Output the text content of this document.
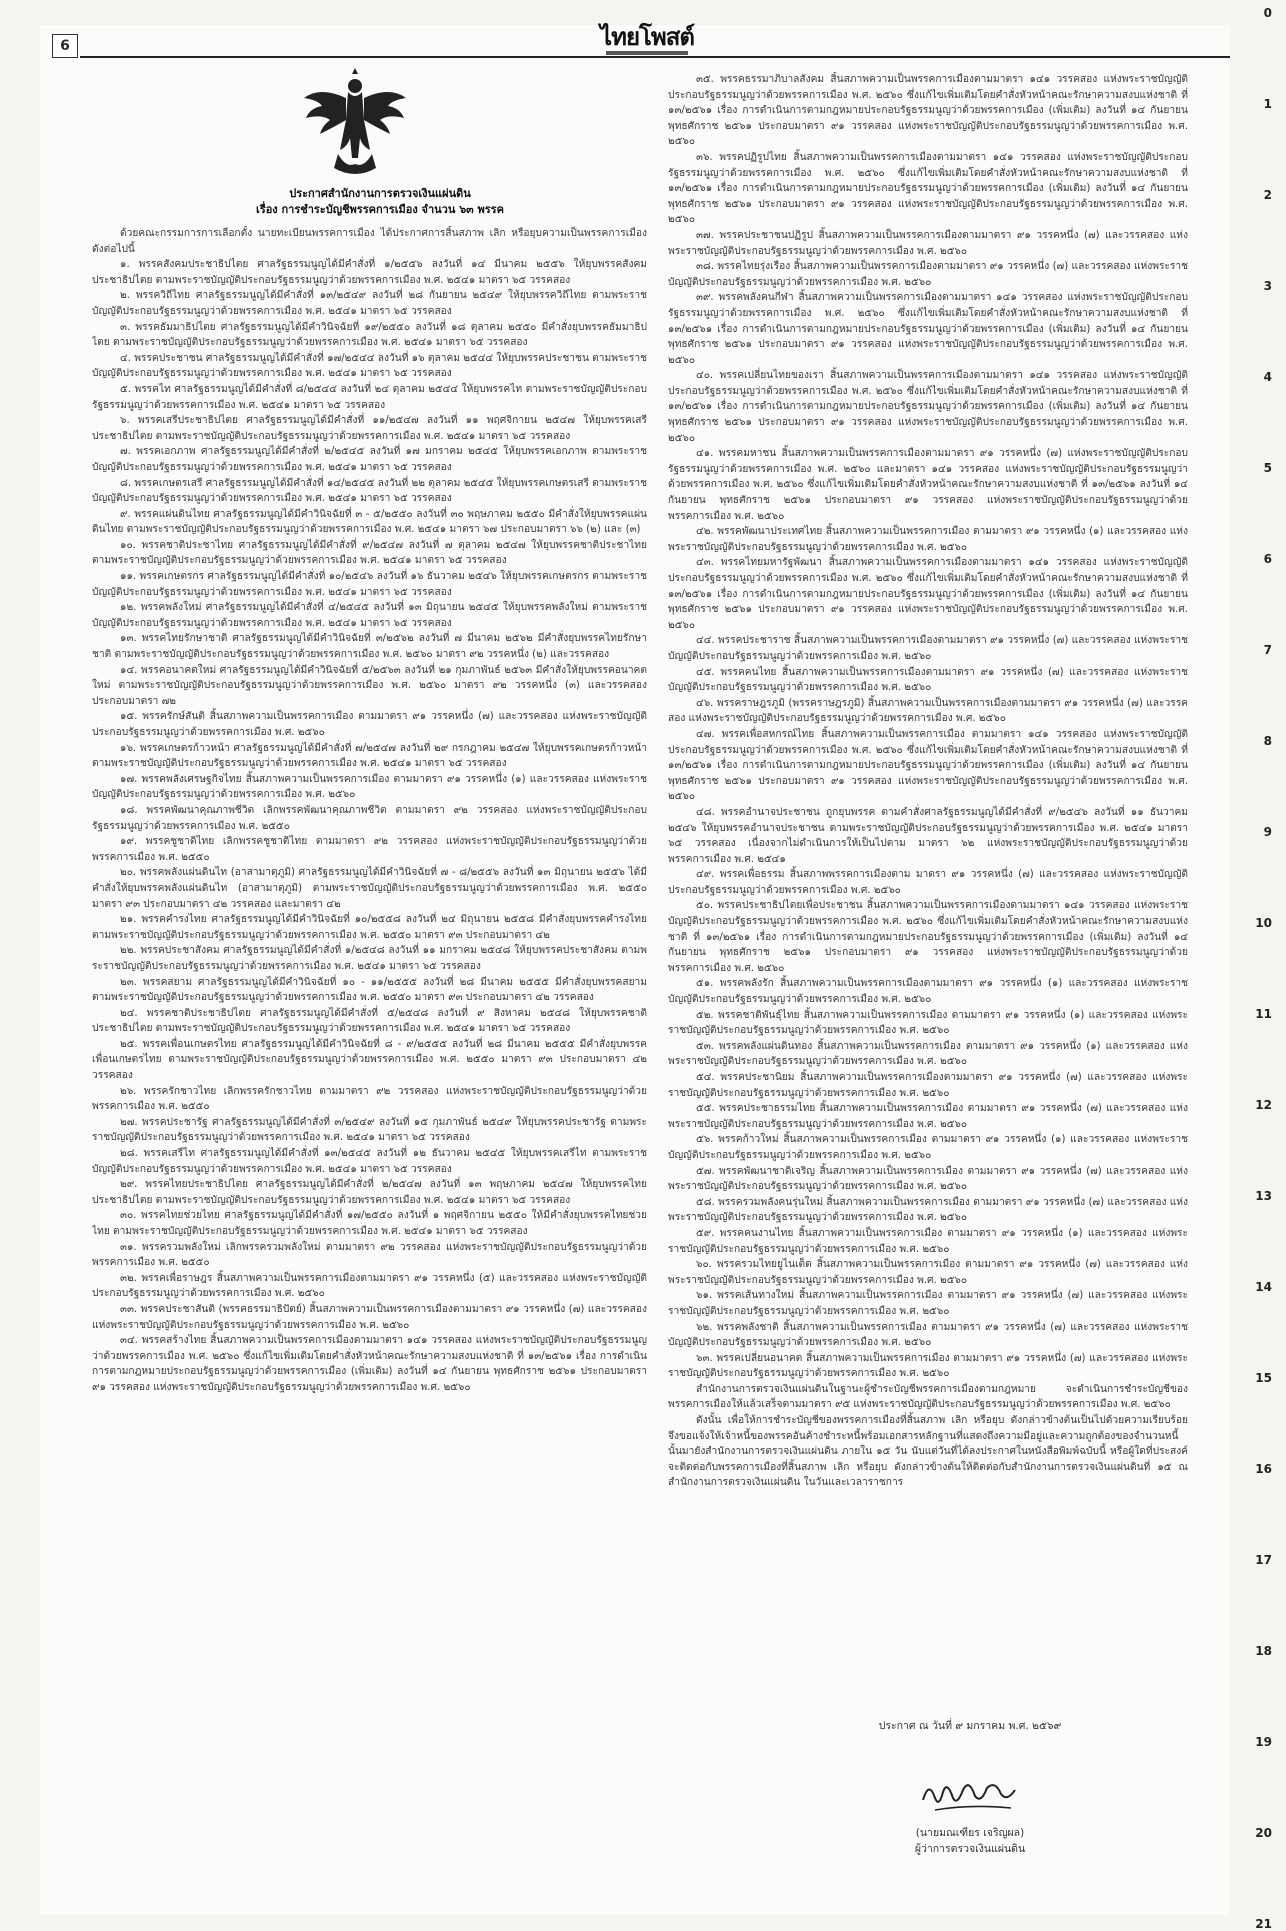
6	ไทยโพสต์
0
1
2
3
4
5
6
7
8
9
10
11
12
13
14
15
16
17
18
19
20
21
ประกาศสำนักงานการตรวจเงินแผ่นดิน
เรื่อง การชำระบัญชีพรรคการเมือง จำนวน ๖๓ พรรค

ด้วยคณะกรรมการการเลือกตั้ง นายทะเบียนพรรคการเมือง ได้ประกาศการสิ้นสภาพ เลิก หรือยุบความเป็นพรรคการเมืองดังต่อไปนี้

๑. พรรคสังคมประชาธิปไตย ศาลรัฐธรรมนูญได้มีคำสั่งที่ ๑/๒๕๕๖ ลงวันที่ ๑๔ มีนาคม ๒๕๕๖ ให้ยุบพรรคสังคมประชาธิปไตย ตามพระราชบัญญัติประกอบรัฐธรรมนูญว่าด้วยพรรคการเมือง พ.ศ. ๒๕๔๑ มาตรา ๖๕ วรรคสอง

๒. พรรควิถีไทย ศาลรัฐธรรมนูญได้มีคำสั่งที่ ๑๓/๒๕๔๙ ลงวันที่ ๒๘ กันยายน ๒๕๔๙ ให้ยุบพรรควิถีไทย ตามพระราชบัญญัติประกอบรัฐธรรมนูญว่าด้วยพรรคการเมือง พ.ศ. ๒๕๔๑ มาตรา ๖๕ วรรคสอง

๓. พรรคธัมมาธิปไตย ศาลรัฐธรรมนูญได้มีคำวินิจฉัยที่ ๑๙/๒๕๕๐ ลงวันที่ ๑๘ ตุลาคม ๒๕๕๐ มีคำสั่งยุบพรรคธัมมาธิปไตย ตามพระราชบัญญัติประกอบรัฐธรรมนูญว่าด้วยพรรคการเมือง พ.ศ. ๒๕๔๑ มาตรา ๖๕ วรรคสอง

๔. พรรคประชาชน ศาลรัฐธรรมนูญได้มีคำสั่งที่ ๑๗/๒๕๔๔ ลงวันที่ ๑๖ ตุลาคม ๒๕๔๔ ให้ยุบพรรคประชาชน ตามพระราชบัญญัติประกอบรัฐธรรมนูญว่าด้วยพรรคการเมือง พ.ศ. ๒๕๔๑ มาตรา ๖๕ วรรคสอง

๕. พรรคไท ศาลรัฐธรรมนูญได้มีคำสั่งที่ ๘/๒๕๔๔ ลงวันที่ ๒๔ ตุลาคม ๒๕๔๔ ให้ยุบพรรคไท ตามพระราชบัญญัติประกอบรัฐธรรมนูญว่าด้วยพรรคการเมือง พ.ศ. ๒๕๔๑ มาตรา ๖๕ วรรคสอง

๖. พรรคเสรีประชาธิปไตย ศาลรัฐธรรมนูญได้มีคำสั่งที่ ๑๑/๒๕๔๗ ลงวันที่ ๑๑ พฤศจิกายน ๒๕๔๗ ให้ยุบพรรคเสรีประชาธิปไตย ตามพระราชบัญญัติประกอบรัฐธรรมนูญว่าด้วยพรรคการเมือง พ.ศ. ๒๕๔๑ มาตรา ๖๕ วรรคสอง

๗. พรรคเอกภาพ ศาลรัฐธรรมนูญได้มีคำสั่งที่ ๒/๒๕๔๕ ลงวันที่ ๑๗ มกราคม ๒๕๔๕ ให้ยุบพรรคเอกภาพ ตามพระราชบัญญัติประกอบรัฐธรรมนูญว่าด้วยพรรคการเมือง พ.ศ. ๒๕๔๑ มาตรา ๖๕ วรรคสอง

๘. พรรคเกษตรเสรี ศาลรัฐธรรมนูญได้มีคำสั่งที่ ๑๔/๒๕๔๕ ลงวันที่ ๒๒ ตุลาคม ๒๕๔๕ ให้ยุบพรรคเกษตรเสรี ตามพระราชบัญญัติประกอบรัฐธรรมนูญว่าด้วยพรรคการเมือง พ.ศ. ๒๕๔๑ มาตรา ๖๕ วรรคสอง

๙. พรรคแผ่นดินไทย ศาลรัฐธรรมนูญได้มีคำวินิจฉัยที่ ๓ - ๕/๒๕๕๐ ลงวันที่ ๓๐ พฤษภาคม ๒๕๕๐ มีคำสั่งให้ยุบพรรคแผ่นดินไทย ตามพระราชบัญญัติประกอบรัฐธรรมนูญว่าด้วยพรรคการเมือง พ.ศ. ๒๕๔๑ มาตรา ๖๗ ประกอบมาตรา ๖๖ (๒) และ (๓)

๑๐. พรรคชาติประชาไทย ศาลรัฐธรรมนูญได้มีคำสั่งที่ ๙/๒๕๔๗ ลงวันที่ ๗ ตุลาคม ๒๕๔๗ ให้ยุบพรรคชาติประชาไทย ตามพระราชบัญญัติประกอบรัฐธรรมนูญว่าด้วยพรรคการเมือง พ.ศ. ๒๕๔๑ มาตรา ๖๕ วรรคสอง

๑๑. พรรคเกษตรกร ศาลรัฐธรรมนูญได้มีคำสั่งที่ ๑๐/๒๕๔๖ ลงวันที่ ๑๖ ธันวาคม ๒๕๔๖ ให้ยุบพรรคเกษตรกร ตามพระราชบัญญัติประกอบรัฐธรรมนูญว่าด้วยพรรคการเมือง พ.ศ. ๒๕๔๑ มาตรา ๖๕ วรรคสอง

๑๒. พรรคพลังใหม่ ศาลรัฐธรรมนูญได้มีคำสั่งที่ ๔/๒๕๔๕ ลงวันที่ ๑๓ มิถุนายน ๒๕๔๕ ให้ยุบพรรคพลังใหม่ ตามพระราชบัญญัติประกอบรัฐธรรมนูญว่าด้วยพรรคการเมือง พ.ศ. ๒๕๔๑ มาตรา ๖๕ วรรคสอง

๑๓. พรรคไทยรักษาชาติ ศาลรัฐธรรมนูญได้มีคำวินิจฉัยที่ ๓/๒๕๖๒ ลงวันที่ ๗ มีนาคม ๒๕๖๒ มีคำสั่งยุบพรรคไทยรักษาชาติ ตามพระราชบัญญัติประกอบรัฐธรรมนูญว่าด้วยพรรคการเมือง พ.ศ. ๒๕๖๐ มาตรา ๙๒ วรรคหนึ่ง (๒) และวรรคสอง

๑๔. พรรคอนาคตใหม่ ศาลรัฐธรรมนูญได้มีคำวินิจฉัยที่ ๕/๒๕๖๓ ลงวันที่ ๒๑ กุมภาพันธ์ ๒๕๖๓ มีคำสั่งให้ยุบพรรคอนาคตใหม่ ตามพระราชบัญญัติประกอบรัฐธรรมนูญว่าด้วยพรรคการเมือง พ.ศ. ๒๕๖๐ มาตรา ๙๒ วรรคหนึ่ง (๓) และวรรคสอง ประกอบมาตรา ๗๒

๑๕. พรรครักษ์สันติ สิ้นสภาพความเป็นพรรคการเมือง ตามมาตรา ๙๑ วรรคหนึ่ง (๗) และวรรคสอง แห่งพระราชบัญญัติประกอบรัฐธรรมนูญว่าด้วยพรรคการเมือง พ.ศ. ๒๕๖๐

๑๖. พรรคเกษตรก้าวหน้า ศาลรัฐธรรมนูญได้มีคำสั่งที่ ๗/๒๕๔๗ ลงวันที่ ๒๙ กรกฎาคม ๒๕๔๗ ให้ยุบพรรคเกษตรก้าวหน้า ตามพระราชบัญญัติประกอบรัฐธรรมนูญว่าด้วยพรรคการเมือง พ.ศ. ๒๕๔๑ มาตรา ๖๕ วรรคสอง

๑๗. พรรคพลังเศรษฐกิจไทย สิ้นสภาพความเป็นพรรคการเมือง ตามมาตรา ๙๑ วรรคหนึ่ง (๑) และวรรคสอง แห่งพระราชบัญญัติประกอบรัฐธรรมนูญว่าด้วยพรรคการเมือง พ.ศ. ๒๕๖๐

๑๘. พรรคพัฒนาคุณภาพชีวิต เลิกพรรคพัฒนาคุณภาพชีวิต ตามมาตรา ๙๒ วรรคสอง แห่งพระราชบัญญัติประกอบรัฐธรรมนูญว่าด้วยพรรคการเมือง พ.ศ. ๒๕๕๐

๑๙. พรรคชูชาติไทย เลิกพรรคชูชาติไทย ตามมาตรา ๙๒ วรรคสอง แห่งพระราชบัญญัติประกอบรัฐธรรมนูญว่าด้วยพรรคการเมือง พ.ศ. ๒๕๕๐

๒๐. พรรคพลังแผ่นดินไท (อาสามาตุภูมิ) ศาลรัฐธรรมนูญได้มีคำวินิจฉัยที่ ๗ - ๘/๒๕๕๖ ลงวันที่ ๑๓ มิถุนายน ๒๕๕๖ ได้มีคำสั่งให้ยุบพรรคพลังแผ่นดินไท (อาสามาตุภูมิ) ตามพระราชบัญญัติประกอบรัฐธรรมนูญว่าด้วยพรรคการเมือง พ.ศ. ๒๕๕๐ มาตรา ๙๓ ประกอบมาตรา ๔๒ วรรคสอง และมาตรา ๔๒

๒๑. พรรคคำรงไทย ศาลรัฐธรรมนูญได้มีคำวินิจฉัยที่ ๑๐/๒๕๕๘ ลงวันที่ ๒๔ มิถุนายน ๒๕๕๘ มีคำสั่งยุบพรรคคำรงไทย ตามพระราชบัญญัติประกอบรัฐธรรมนูญว่าด้วยพรรคการเมือง พ.ศ. ๒๕๕๐ มาตรา ๙๓ ประกอบมาตรา ๔๒

๒๒. พรรคประชาสังคม ศาลรัฐธรรมนูญได้มีคำสั่งที่ ๑/๒๕๔๘ ลงวันที่ ๑๑ มกราคม ๒๕๔๘ ให้ยุบพรรคประชาสังคม ตามพระราชบัญญัติประกอบรัฐธรรมนูญว่าด้วยพรรคการเมือง พ.ศ. ๒๕๔๑ มาตรา ๖๕ วรรคสอง

๒๓. พรรคสยาม ศาลรัฐธรรมนูญได้มีคำวินิจฉัยที่ ๑๐ - ๑๑/๒๕๕๕ ลงวันที่ ๒๘ มีนาคม ๒๕๕๕ มีคำสั่งยุบพรรคสยาม ตามพระราชบัญญัติประกอบรัฐธรรมนูญว่าด้วยพรรคการเมือง พ.ศ. ๒๕๕๐ มาตรา ๙๓ ประกอบมาตรา ๔๒ วรรคสอง

๒๔. พรรคชาติประชาธิปไตย ศาลรัฐธรรมนูญได้มีคำสั่งที่ ๕/๒๕๔๘ ลงวันที่ ๙ สิงหาคม ๒๕๔๘ ให้ยุบพรรคชาติประชาธิปไตย ตามพระราชบัญญัติประกอบรัฐธรรมนูญว่าด้วยพรรคการเมือง พ.ศ. ๒๕๔๑ มาตรา ๖๕ วรรคสอง

๒๕. พรรคเพื่อนเกษตรไทย ศาลรัฐธรรมนูญได้มีคำวินิจฉัยที่ ๘ - ๙/๒๕๕๕ ลงวันที่ ๒๘ มีนาคม ๒๕๕๕ มีคำสั่งยุบพรรคเพื่อนเกษตรไทย ตามพระราชบัญญัติประกอบรัฐธรรมนูญว่าด้วยพรรคการเมือง พ.ศ. ๒๕๕๐ มาตรา ๙๓ ประกอบมาตรา ๔๒ วรรคสอง

๒๖. พรรครักชาวไทย เลิกพรรครักชาวไทย ตามมาตรา ๙๒ วรรคสอง แห่งพระราชบัญญัติประกอบรัฐธรรมนูญว่าด้วยพรรคการเมือง พ.ศ. ๒๕๕๐

๒๗. พรรคประชารัฐ ศาลรัฐธรรมนูญได้มีคำสั่งที่ ๓/๒๕๔๙ ลงวันที่ ๑๕ กุมภาพันธ์ ๒๕๔๙ ให้ยุบพรรคประชารัฐ ตามพระราชบัญญัติประกอบรัฐธรรมนูญว่าด้วยพรรคการเมือง พ.ศ. ๒๕๔๑ มาตรา ๖๕ วรรคสอง

๒๘. พรรคเสรีไท ศาลรัฐธรรมนูญได้มีคำสั่งที่ ๑๓/๒๕๔๕ ลงวันที่ ๑๒ ธันวาคม ๒๕๔๕ ให้ยุบพรรคเสรีไท ตามพระราชบัญญัติประกอบรัฐธรรมนูญว่าด้วยพรรคการเมือง พ.ศ. ๒๕๔๑ มาตรา ๖๕ วรรคสอง

๒๙. พรรคไทยประชาธิปไตย ศาลรัฐธรรมนูญได้มีคำสั่งที่ ๒/๒๕๔๗ ลงวันที่ ๑๓ พฤษภาคม ๒๕๔๗ ให้ยุบพรรคไทยประชาธิปไตย ตามพระราชบัญญัติประกอบรัฐธรรมนูญว่าด้วยพรรคการเมือง พ.ศ. ๒๕๔๑ มาตรา ๖๕ วรรคสอง

๓๐. พรรคไทยช่วยไทย ศาลรัฐธรรมนูญได้มีคำสั่งที่ ๑๗/๒๕๕๐ ลงวันที่ ๑ พฤศจิกายน ๒๕๕๐ ให้มีคำสั่งยุบพรรคไทยช่วยไทย ตามพระราชบัญญัติประกอบรัฐธรรมนูญว่าด้วยพรรคการเมือง พ.ศ. ๒๕๔๑ มาตรา ๖๕ วรรคสอง

๓๑. พรรครวมพลังใหม่ เลิกพรรครวมพลังใหม่ ตามมาตรา ๙๒ วรรคสอง แห่งพระราชบัญญัติประกอบรัฐธรรมนูญว่าด้วยพรรคการเมือง พ.ศ. ๒๕๕๐

๓๒. พรรคเพื่อราษฎร สิ้นสภาพความเป็นพรรคการเมืองตามมาตรา ๙๑ วรรคหนึ่ง (๕) และวรรคสอง แห่งพระราชบัญญัติประกอบรัฐธรรมนูญว่าด้วยพรรคการเมือง พ.ศ. ๒๕๖๐

๓๓. พรรคประชาสันติ (พรรคธรรมาธิปัตย์) สิ้นสภาพความเป็นพรรคการเมืองตามมาตรา ๙๑ วรรคหนึ่ง (๗) และวรรคสอง แห่งพระราชบัญญัติประกอบรัฐธรรมนูญว่าด้วยพรรคการเมือง พ.ศ. ๒๕๖๐

๓๔. พรรคสร้างไทย สิ้นสภาพความเป็นพรรคการเมืองตามมาตรา ๑๔๑ วรรคสอง แห่งพระราชบัญญัติประกอบรัฐธรรมนูญว่าด้วยพรรคการเมือง พ.ศ. ๒๕๖๐ ซึ่งแก้ไขเพิ่มเติมโดยคำสั่งหัวหน้าคณะรักษาความสงบแห่งชาติ ที่ ๑๓/๒๕๖๑ เรื่อง การดำเนินการตามกฎหมายประกอบรัฐธรรมนูญว่าด้วยพรรคการเมือง (เพิ่มเติม) ลงวันที่ ๑๔ กันยายน พุทธศักราช ๒๕๖๑ ประกอบมาตรา ๙๑ วรรคสอง แห่งพระราชบัญญัติประกอบรัฐธรรมนูญว่าด้วยพรรคการเมือง พ.ศ. ๒๕๖๐

๓๕. พรรคธรรมาภิบาลสังคม สิ้นสภาพความเป็นพรรคการเมืองตามมาตรา ๑๔๑ วรรคสอง แห่งพระราชบัญญัติประกอบรัฐธรรมนูญว่าด้วยพรรคการเมือง พ.ศ. ๒๕๖๐ ซึ่งแก้ไขเพิ่มเติมโดยคำสั่งหัวหน้าคณะรักษาความสงบแห่งชาติ ที่ ๑๓/๒๕๖๑ เรื่อง การดำเนินการตามกฎหมายประกอบรัฐธรรมนูญว่าด้วยพรรคการเมือง (เพิ่มเติม) ลงวันที่ ๑๔ กันยายน พุทธศักราช ๒๕๖๑ ประกอบมาตรา ๙๑ วรรคสอง แห่งพระราชบัญญัติประกอบรัฐธรรมนูญว่าด้วยพรรคการเมือง พ.ศ. ๒๕๖๐

๓๖. พรรคปฏิรูปไทย สิ้นสภาพความเป็นพรรคการเมืองตามมาตรา ๑๔๑ วรรคสอง แห่งพระราชบัญญัติประกอบรัฐธรรมนูญว่าด้วยพรรคการเมือง พ.ศ. ๒๕๖๐ ซึ่งแก้ไขเพิ่มเติมโดยคำสั่งหัวหน้าคณะรักษาความสงบแห่งชาติ ที่ ๑๓/๒๕๖๑ เรื่อง การดำเนินการตามกฎหมายประกอบรัฐธรรมนูญว่าด้วยพรรคการเมือง (เพิ่มเติม) ลงวันที่ ๑๔ กันยายน พุทธศักราช ๒๕๖๑ ประกอบมาตรา ๙๑ วรรคสอง แห่งพระราชบัญญัติประกอบรัฐธรรมนูญว่าด้วยพรรคการเมือง พ.ศ. ๒๕๖๐

๓๗. พรรคประชาชนปฏิรูป สิ้นสภาพความเป็นพรรคการเมืองตามมาตรา ๙๑ วรรคหนึ่ง (๗) และวรรคสอง แห่งพระราชบัญญัติประกอบรัฐธรรมนูญว่าด้วยพรรคการเมือง พ.ศ. ๒๕๖๐

๓๘. พรรคไทยรุ่งเรือง สิ้นสภาพความเป็นพรรคการเมืองตามมาตรา ๙๑ วรรคหนึ่ง (๗) และวรรคสอง แห่งพระราชบัญญัติประกอบรัฐธรรมนูญว่าด้วยพรรคการเมือง พ.ศ. ๒๕๖๐

๓๙. พรรคพลังคนกีฬา สิ้นสภาพความเป็นพรรคการเมืองตามมาตรา ๑๔๑ วรรคสอง แห่งพระราชบัญญัติประกอบรัฐธรรมนูญว่าด้วยพรรคการเมือง พ.ศ. ๒๕๖๐ ซึ่งแก้ไขเพิ่มเติมโดยคำสั่งหัวหน้าคณะรักษาความสงบแห่งชาติ ที่ ๑๓/๒๕๖๑ เรื่อง การดำเนินการตามกฎหมายประกอบรัฐธรรมนูญว่าด้วยพรรคการเมือง (เพิ่มเติม) ลงวันที่ ๑๔ กันยายน พุทธศักราช ๒๕๖๑ ประกอบมาตรา ๙๑ วรรคสอง แห่งพระราชบัญญัติประกอบรัฐธรรมนูญว่าด้วยพรรคการเมือง พ.ศ. ๒๕๖๐

๔๐. พรรคเปลี่ยนไทยของเรา สิ้นสภาพความเป็นพรรคการเมืองตามมาตรา ๑๔๑ วรรคสอง แห่งพระราชบัญญัติประกอบรัฐธรรมนูญว่าด้วยพรรคการเมือง พ.ศ. ๒๕๖๐ ซึ่งแก้ไขเพิ่มเติมโดยคำสั่งหัวหน้าคณะรักษาความสงบแห่งชาติ ที่ ๑๓/๒๕๖๑ เรื่อง การดำเนินการตามกฎหมายประกอบรัฐธรรมนูญว่าด้วยพรรคการเมือง (เพิ่มเติม) ลงวันที่ ๑๔ กันยายน พุทธศักราช ๒๕๖๑ ประกอบมาตรา ๙๑ วรรคสอง แห่งพระราชบัญญัติประกอบรัฐธรรมนูญว่าด้วยพรรคการเมือง พ.ศ. ๒๕๖๐

๔๑. พรรคมหาชน สิ้นสภาพความเป็นพรรคการเมืองตามมาตรา ๙๑ วรรคหนึ่ง (๗) แห่งพระราชบัญญัติประกอบรัฐธรรมนูญว่าด้วยพรรคการเมือง พ.ศ. ๒๕๖๐ และมาตรา ๑๔๑ วรรคสอง แห่งพระราชบัญญัติประกอบรัฐธรรมนูญว่าด้วยพรรคการเมือง พ.ศ. ๒๕๖๐ ซึ่งแก้ไขเพิ่มเติมโดยคำสั่งหัวหน้าคณะรักษาความสงบแห่งชาติ ที่ ๑๓/๒๕๖๑ ลงวันที่ ๑๔ กันยายน พุทธศักราช ๒๕๖๑ ประกอบมาตรา ๙๑ วรรคสอง แห่งพระราชบัญญัติประกอบรัฐธรรมนูญว่าด้วยพรรคการเมือง พ.ศ. ๒๕๖๐

๔๒. พรรคพัฒนาประเทศไทย สิ้นสภาพความเป็นพรรคการเมือง ตามมาตรา ๙๑ วรรคหนึ่ง (๑) และวรรคสอง แห่งพระราชบัญญัติประกอบรัฐธรรมนูญว่าด้วยพรรคการเมือง พ.ศ. ๒๕๖๐

๔๓. พรรคไทยมหารัฐพัฒนา สิ้นสภาพความเป็นพรรคการเมืองตามมาตรา ๑๔๑ วรรคสอง แห่งพระราชบัญญัติประกอบรัฐธรรมนูญว่าด้วยพรรคการเมือง พ.ศ. ๒๕๖๐ ซึ่งแก้ไขเพิ่มเติมโดยคำสั่งหัวหน้าคณะรักษาความสงบแห่งชาติ ที่ ๑๓/๒๕๖๑ เรื่อง การดำเนินการตามกฎหมายประกอบรัฐธรรมนูญว่าด้วยพรรคการเมือง (เพิ่มเติม) ลงวันที่ ๑๔ กันยายน พุทธศักราช ๒๕๖๑ ประกอบมาตรา ๙๑ วรรคสอง แห่งพระราชบัญญัติประกอบรัฐธรรมนูญว่าด้วยพรรคการเมือง พ.ศ. ๒๕๖๐

๔๔. พรรคประชาราช สิ้นสภาพความเป็นพรรคการเมืองตามมาตรา ๙๑ วรรคหนึ่ง (๗) และวรรคสอง แห่งพระราชบัญญัติประกอบรัฐธรรมนูญว่าด้วยพรรคการเมือง พ.ศ. ๒๕๖๐

๔๕. พรรคคนไทย สิ้นสภาพความเป็นพรรคการเมืองตามมาตรา ๙๑ วรรคหนึ่ง (๗) และวรรคสอง แห่งพระราชบัญญัติประกอบรัฐธรรมนูญว่าด้วยพรรคการเมือง พ.ศ. ๒๕๖๐

๔๖. พรรคราษฎรภูมิ (พรรคราษฎรภูมิ) สิ้นสภาพความเป็นพรรคการเมืองตามมาตรา ๙๑ วรรคหนึ่ง (๗) และวรรคสอง แห่งพระราชบัญญัติประกอบรัฐธรรมนูญว่าด้วยพรรคการเมือง พ.ศ. ๒๕๖๐

๔๗. พรรคเพื่อสหกรณ์ไทย สิ้นสภาพความเป็นพรรคการเมือง ตามมาตรา ๑๔๑ วรรคสอง แห่งพระราชบัญญัติประกอบรัฐธรรมนูญว่าด้วยพรรคการเมือง พ.ศ. ๒๕๖๐ ซึ่งแก้ไขเพิ่มเติมโดยคำสั่งหัวหน้าคณะรักษาความสงบแห่งชาติ ที่ ๑๓/๒๕๖๑ เรื่อง การดำเนินการตามกฎหมายประกอบรัฐธรรมนูญว่าด้วยพรรคการเมือง (เพิ่มเติม) ลงวันที่ ๑๔ กันยายน พุทธศักราช ๒๕๖๑ ประกอบมาตรา ๙๑ วรรคสอง แห่งพระราชบัญญัติประกอบรัฐธรรมนูญว่าด้วยพรรคการเมือง พ.ศ. ๒๕๖๐

๔๘. พรรคอำนาจประชาชน ถูกยุบพรรค ตามคำสั่งศาลรัฐธรรมนูญได้มีคำสั่งที่ ๙/๒๕๔๖ ลงวันที่ ๑๑ ธันวาคม ๒๕๔๖ ให้ยุบพรรคอำนาจประชาชน ตามพระราชบัญญัติประกอบรัฐธรรมนูญว่าด้วยพรรคการเมือง พ.ศ. ๒๕๔๑ มาตรา ๖๕ วรรคสอง เนื่องจากไม่ดำเนินการให้เป็นไปตาม มาตรา ๖๒ แห่งพระราชบัญญัติประกอบรัฐธรรมนูญว่าด้วยพรรคการเมือง พ.ศ. ๒๕๔๑

๔๙. พรรคเพื่อธรรม สิ้นสภาพพรรคการเมืองตาม มาตรา ๙๑ วรรคหนึ่ง (๗) และวรรคสอง แห่งพระราชบัญญัติประกอบรัฐธรรมนูญว่าด้วยพรรคการเมือง พ.ศ. ๒๕๖๐

๕๐. พรรคประชาธิปไตยเพื่อประชาชน สิ้นสภาพความเป็นพรรคการเมืองตามมาตรา ๑๔๑ วรรคสอง แห่งพระราชบัญญัติประกอบรัฐธรรมนูญว่าด้วยพรรคการเมือง พ.ศ. ๒๕๖๐ ซึ่งแก้ไขเพิ่มเติมโดยคำสั่งหัวหน้าคณะรักษาความสงบแห่งชาติ ที่ ๑๓/๒๕๖๑ เรื่อง การดำเนินการตามกฎหมายประกอบรัฐธรรมนูญว่าด้วยพรรคการเมือง (เพิ่มเติม) ลงวันที่ ๑๔ กันยายน พุทธศักราช ๒๕๖๑ ประกอบมาตรา ๙๑ วรรคสอง แห่งพระราชบัญญัติประกอบรัฐธรรมนูญว่าด้วยพรรคการเมือง พ.ศ. ๒๕๖๐

๕๑. พรรคพลังรัก สิ้นสภาพความเป็นพรรคการเมืองตามมาตรา ๙๑ วรรคหนึ่ง (๑) และวรรคสอง แห่งพระราชบัญญัติประกอบรัฐธรรมนูญว่าด้วยพรรคการเมือง พ.ศ. ๒๕๖๐

๕๒. พรรคชาติพันธุ์ไทย สิ้นสภาพความเป็นพรรคการเมือง ตามมาตรา ๙๑ วรรคหนึ่ง (๑) และวรรคสอง แห่งพระราชบัญญัติประกอบรัฐธรรมนูญว่าด้วยพรรคการเมือง พ.ศ. ๒๕๖๐

๕๓. พรรคพลังแผ่นดินทอง สิ้นสภาพความเป็นพรรคการเมือง ตามมาตรา ๙๑ วรรคหนึ่ง (๑) และวรรคสอง แห่งพระราชบัญญัติประกอบรัฐธรรมนูญว่าด้วยพรรคการเมือง พ.ศ. ๒๕๖๐

๕๔. พรรคประชานิยม สิ้นสภาพความเป็นพรรคการเมืองตามมาตรา ๙๑ วรรคหนึ่ง (๗) และวรรคสอง แห่งพระราชบัญญัติประกอบรัฐธรรมนูญว่าด้วยพรรคการเมือง พ.ศ. ๒๕๖๐

๕๕. พรรคประชาธรรมไทย สิ้นสภาพความเป็นพรรคการเมือง ตามมาตรา ๙๑ วรรคหนึ่ง (๗) และวรรคสอง แห่งพระราชบัญญัติประกอบรัฐธรรมนูญว่าด้วยพรรคการเมือง พ.ศ. ๒๕๖๐

๕๖. พรรคก้าวใหม่ สิ้นสภาพความเป็นพรรคการเมือง ตามมาตรา ๙๑ วรรคหนึ่ง (๑) และวรรคสอง แห่งพระราชบัญญัติประกอบรัฐธรรมนูญว่าด้วยพรรคการเมือง พ.ศ. ๒๕๖๐

๕๗. พรรคพัฒนาชาติเจริญ สิ้นสภาพความเป็นพรรคการเมือง ตามมาตรา ๙๑ วรรคหนึ่ง (๗) และวรรคสอง แห่งพระราชบัญญัติประกอบรัฐธรรมนูญว่าด้วยพรรคการเมือง พ.ศ. ๒๕๖๐

๕๘. พรรครวมพลังคนรุ่นใหม่ สิ้นสภาพความเป็นพรรคการเมือง ตามมาตรา ๙๑ วรรคหนึ่ง (๗) และวรรคสอง แห่งพระราชบัญญัติประกอบรัฐธรรมนูญว่าด้วยพรรคการเมือง พ.ศ. ๒๕๖๐

๕๙. พรรคคนงานไทย สิ้นสภาพความเป็นพรรคการเมือง ตามมาตรา ๙๑ วรรคหนึ่ง (๑) และวรรคสอง แห่งพระราชบัญญัติประกอบรัฐธรรมนูญว่าด้วยพรรคการเมือง พ.ศ. ๒๕๖๐

๖๐. พรรครวมไทยยูไนเต็ด สิ้นสภาพความเป็นพรรคการเมือง ตามมาตรา ๙๑ วรรคหนึ่ง (๗) และวรรคสอง แห่งพระราชบัญญัติประกอบรัฐธรรมนูญว่าด้วยพรรคการเมือง พ.ศ. ๒๕๖๐

๖๑. พรรคเส้นทางใหม่ สิ้นสภาพความเป็นพรรคการเมือง ตามมาตรา ๙๑ วรรคหนึ่ง (๗) และวรรคสอง แห่งพระราชบัญญัติประกอบรัฐธรรมนูญว่าด้วยพรรคการเมือง พ.ศ. ๒๕๖๐

๖๒. พรรคพลังชาติ สิ้นสภาพความเป็นพรรคการเมือง ตามมาตรา ๙๑ วรรคหนึ่ง (๗) และวรรคสอง แห่งพระราชบัญญัติประกอบรัฐธรรมนูญว่าด้วยพรรคการเมือง พ.ศ. ๒๕๖๐

๖๓. พรรคเปลี่ยนอนาคต สิ้นสภาพความเป็นพรรคการเมือง ตามมาตรา ๙๑ วรรคหนึ่ง (๗) และวรรคสอง แห่งพระราชบัญญัติประกอบรัฐธรรมนูญว่าด้วยพรรคการเมือง พ.ศ. ๒๕๖๐

สำนักงานการตรวจเงินแผ่นดินในฐานะผู้ชำระบัญชีพรรคการเมืองตามกฎหมาย จะดำเนินการชำระบัญชีของพรรคการเมืองให้แล้วเสร็จตามมาตรา ๙๕ แห่งพระราชบัญญัติประกอบรัฐธรรมนูญว่าด้วยพรรคการเมือง พ.ศ. ๒๕๖๐

ดังนั้น เพื่อให้การชำระบัญชีของพรรคการเมืองที่สิ้นสภาพ เลิก หรือยุบ ดังกล่าวข้างต้นเป็นไปด้วยความเรียบร้อย จึงขอแจ้งให้เจ้าหนี้ของพรรคอันค้างชำระหนี้พร้อมเอกสารหลักฐานที่แสดงถึงความมีอยู่และความถูกต้องของจำนวนหนี้นั้นมายังสำนักงานการตรวจเงินแผ่นดิน ภายใน ๑๕ วัน นับแต่วันที่ได้ลงประกาศในหนังสือพิมพ์ฉบับนี้ หรือผู้ใดที่ประสงค์จะติดต่อกับพรรคการเมืองที่สิ้นสภาพ เลิก หรือยุบ ดังกล่าวข้างต้นให้ติดต่อกับสำนักงานการตรวจเงินแผ่นดินที่ ๑๕ ณ สำนักงานการตรวจเงินแผ่นดิน ในวันและเวลาราชการ

ประกาศ ณ วันที่ ๙ มกราคม พ.ศ. ๒๕๖๙
(นายมณเฑียร เจริญผล)
ผู้ว่าการตรวจเงินแผ่นดิน
